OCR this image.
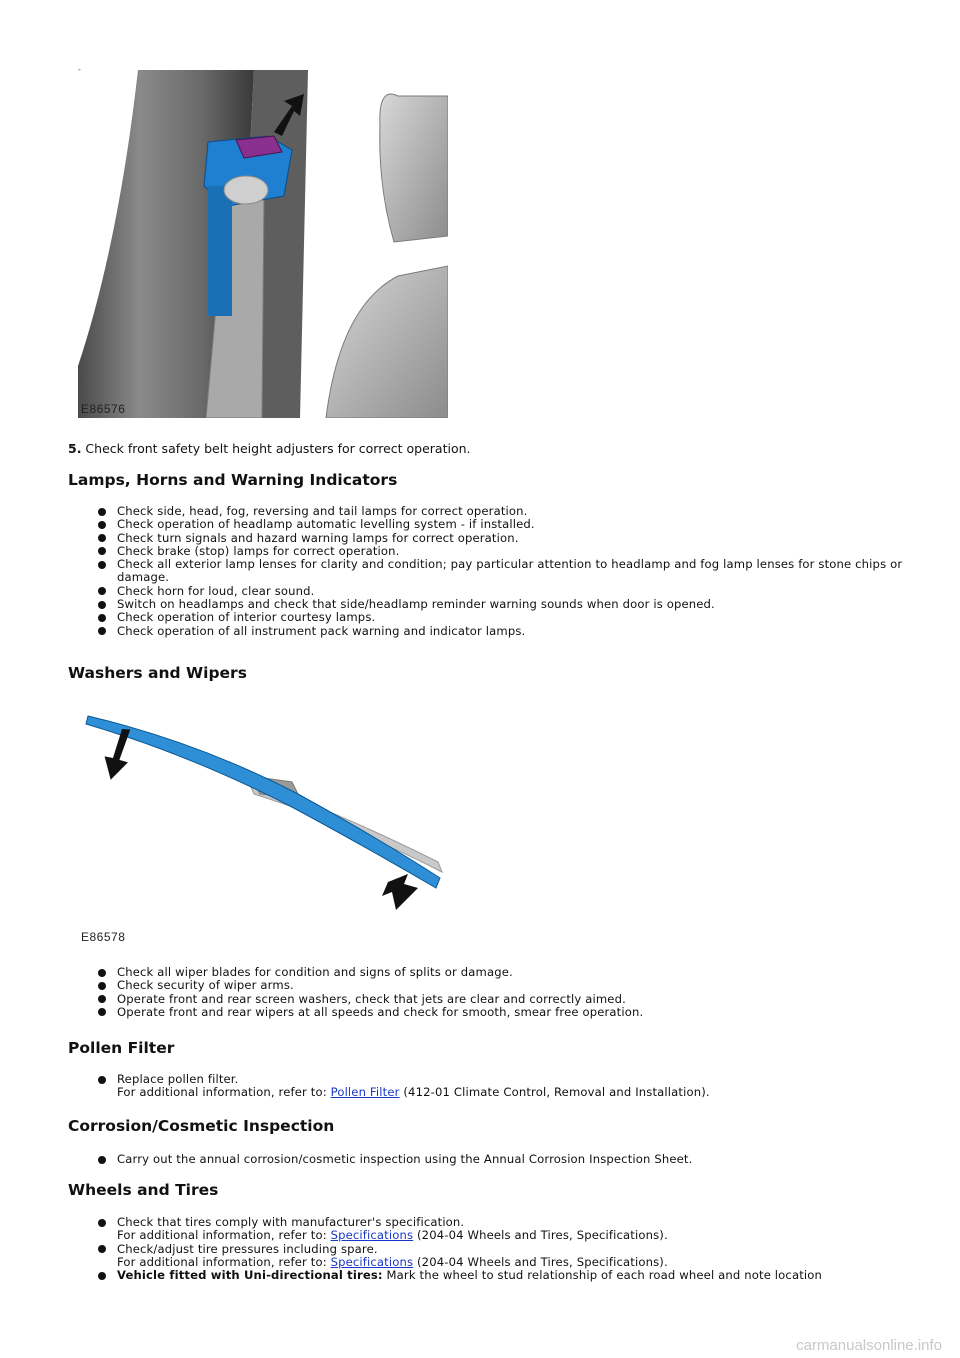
-
E86576
5. Check front safety belt height adjusters for correct operation.
Lamps, Horns and Warning Indicators
Check side, head, fog, reversing and tail lamps for correct operation.
Check operation of headlamp automatic levelling system - if installed.
Check turn signals and hazard warning lamps for correct operation.
Check brake (stop) lamps for correct operation.
Check all exterior lamp lenses for clarity and condition; pay particular attention to headlamp and fog lamp lenses for stone chips or damage.
Check horn for loud, clear sound.
Switch on headlamps and check that side/headlamp reminder warning sounds when door is opened.
Check operation of interior courtesy lamps.
Check operation of all instrument pack warning and indicator lamps.
Washers and Wipers
E86578
Check all wiper blades for condition and signs of splits or damage.
Check security of wiper arms.
Operate front and rear screen washers, check that jets are clear and correctly aimed.
Operate front and rear wipers at all speeds and check for smooth, smear free operation.
Pollen Filter
Replace pollen filter.
For additional information, refer to: Pollen Filter (412-01 Climate Control, Removal and Installation).
Corrosion/Cosmetic Inspection
Carry out the annual corrosion/cosmetic inspection using the Annual Corrosion Inspection Sheet.
Wheels and Tires
Check that tires comply with manufacturer's specification.
For additional information, refer to: Specifications (204-04 Wheels and Tires, Specifications).
Check/adjust tire pressures including spare.
For additional information, refer to: Specifications (204-04 Wheels and Tires, Specifications).
Vehicle fitted with Uni-directional tires: Mark the wheel to stud relationship of each road wheel and note location
carmanualsonline.info
